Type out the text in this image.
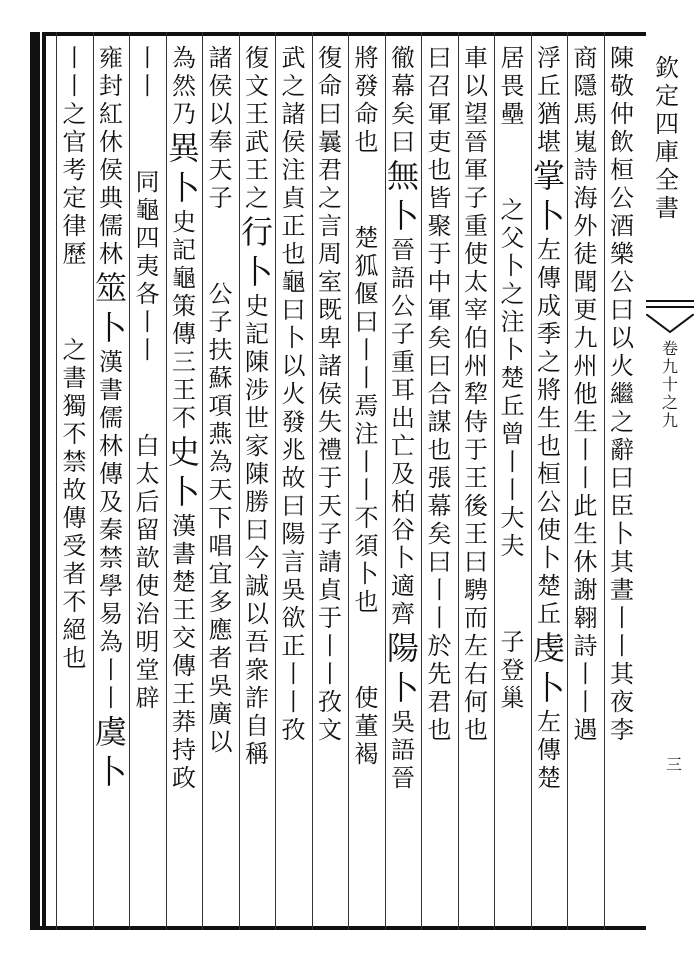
陳
敬
仲
飲
桓
公
酒
樂
公
曰
以
火
繼
之
辭
曰
臣
卜
其
晝
丨
丨
其
夜
李
商
隱
馬
嵬
詩
海
外
徒
聞
更
九
州
他
生
丨
丨
此
生
休
謝
翱
詩
丨
丨
遇
浮
丘
猶
堪
掌
卜
左
傳
成
季
之
將
生
也
桓
公
使
卜
楚
丘
虔
卜
左
傳
楚
居
畏
壘
之
父
卜
之
注
卜
楚
丘
曾
丨
丨
大
夫
子
登
巢
車
以
望
晉
軍
子
重
使
太
宰
伯
州
犂
侍
于
王
後
王
曰
騁
而
左
右
何
也
曰
召
軍
吏
也
皆
聚
于
中
軍
矣
曰
合
謀
也
張
幕
矣
曰
丨
丨
於
先
君
也
徹
幕
矣
曰
無
卜
晉
語
公
子
重
耳
出
亡
及
柏
谷
卜
適
齊
陽
卜
吳
語
晉
將
發
命
也
楚
狐
偃
曰
丨
丨
焉
注
丨
丨
不
須
卜
也
使
董
褐
復
命
曰
曩
君
之
言
周
室
既
卑
諸
侯
失
禮
于
天
子
請
貞
于
丨
丨
孜
文
武
之
諸
侯
注
貞
正
也
龜
曰
卜
以
火
發
兆
故
曰
陽
言
吳
欲
正
丨
丨
孜
復
文
王
武
王
之
行
卜
史
記
陳
涉
世
家
陳
勝
曰
今
誠
以
吾
衆
詐
自
稱
諸
侯
以
奉
天
子
公
子
扶
蘇
項
燕
為
天
下
唱
宜
多
應
者
吳
廣
以
為
然
乃
異
卜
史
記
龜
策
傳
三
王
不
史
卜
漢
書
楚
王
交
傳
王
莽
持
政
丨
丨
同
龜
四
夷
各
丨
丨
白
太
后
留
歆
使
治
明
堂
辟
雍
封
紅
休
侯
典
儒
林
筮
卜
漢
書
儒
林
傳
及
秦
禁
學
易
為
丨
丨
虞
卜
丨
丨
之
官
考
定
律
歷
之
書
獨
不
禁
故
傳
受
者
不
絕
也
欽
定
四
庫
全
書
卷
九
十
之
九
三
